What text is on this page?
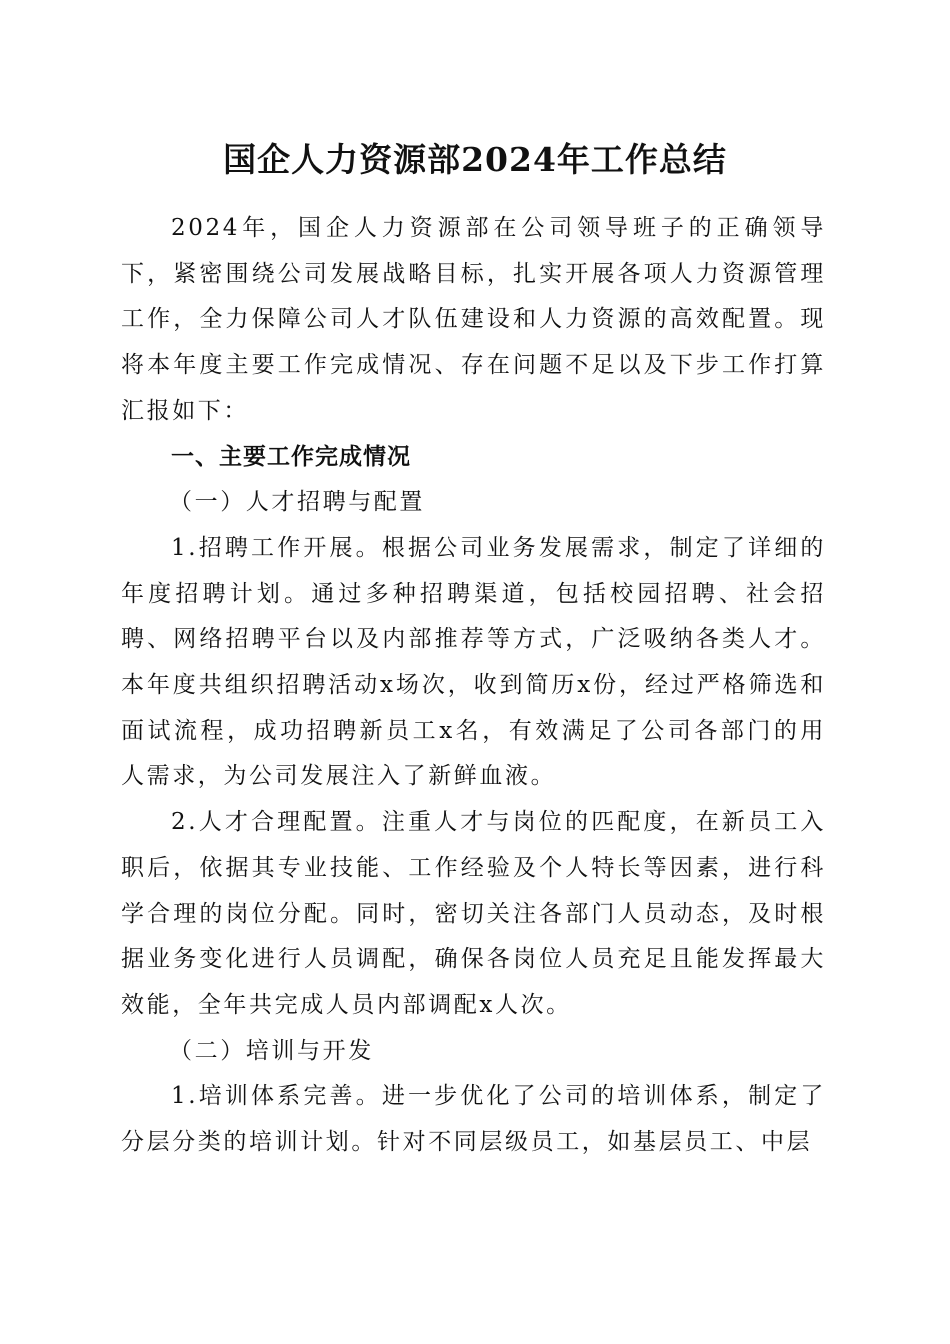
国企人力资源部2024年工作总结

2024年，国企人力资源部在公司领导班子的正确领导下，紧密围绕公司发展战略目标，扎实开展各项人力资源管理工作，全力保障公司人才队伍建设和人力资源的高效配置。现将本年度主要工作完成情况、存在问题不足以及下步工作打算汇报如下：

一、主要工作完成情况

（一）人才招聘与配置

1.招聘工作开展。根据公司业务发展需求，制定了详细的年度招聘计划。通过多种招聘渠道，包括校园招聘、社会招聘、网络招聘平台以及内部推荐等方式，广泛吸纳各类人才。本年度共组织招聘活动x场次，收到简历x份，经过严格筛选和面试流程，成功招聘新员工x名，有效满足了公司各部门的用人需求，为公司发展注入了新鲜血液。

2.人才合理配置。注重人才与岗位的匹配度，在新员工入职后，依据其专业技能、工作经验及个人特长等因素，进行科学合理的岗位分配。同时，密切关注各部门人员动态，及时根据业务变化进行人员调配，确保各岗位人员充足且能发挥最大效能，全年共完成人员内部调配x人次。

（二）培训与开发

1.培训体系完善。进一步优化了公司的培训体系，制定了分层分类的培训计划。针对不同层级员工，如基层员工、中层
